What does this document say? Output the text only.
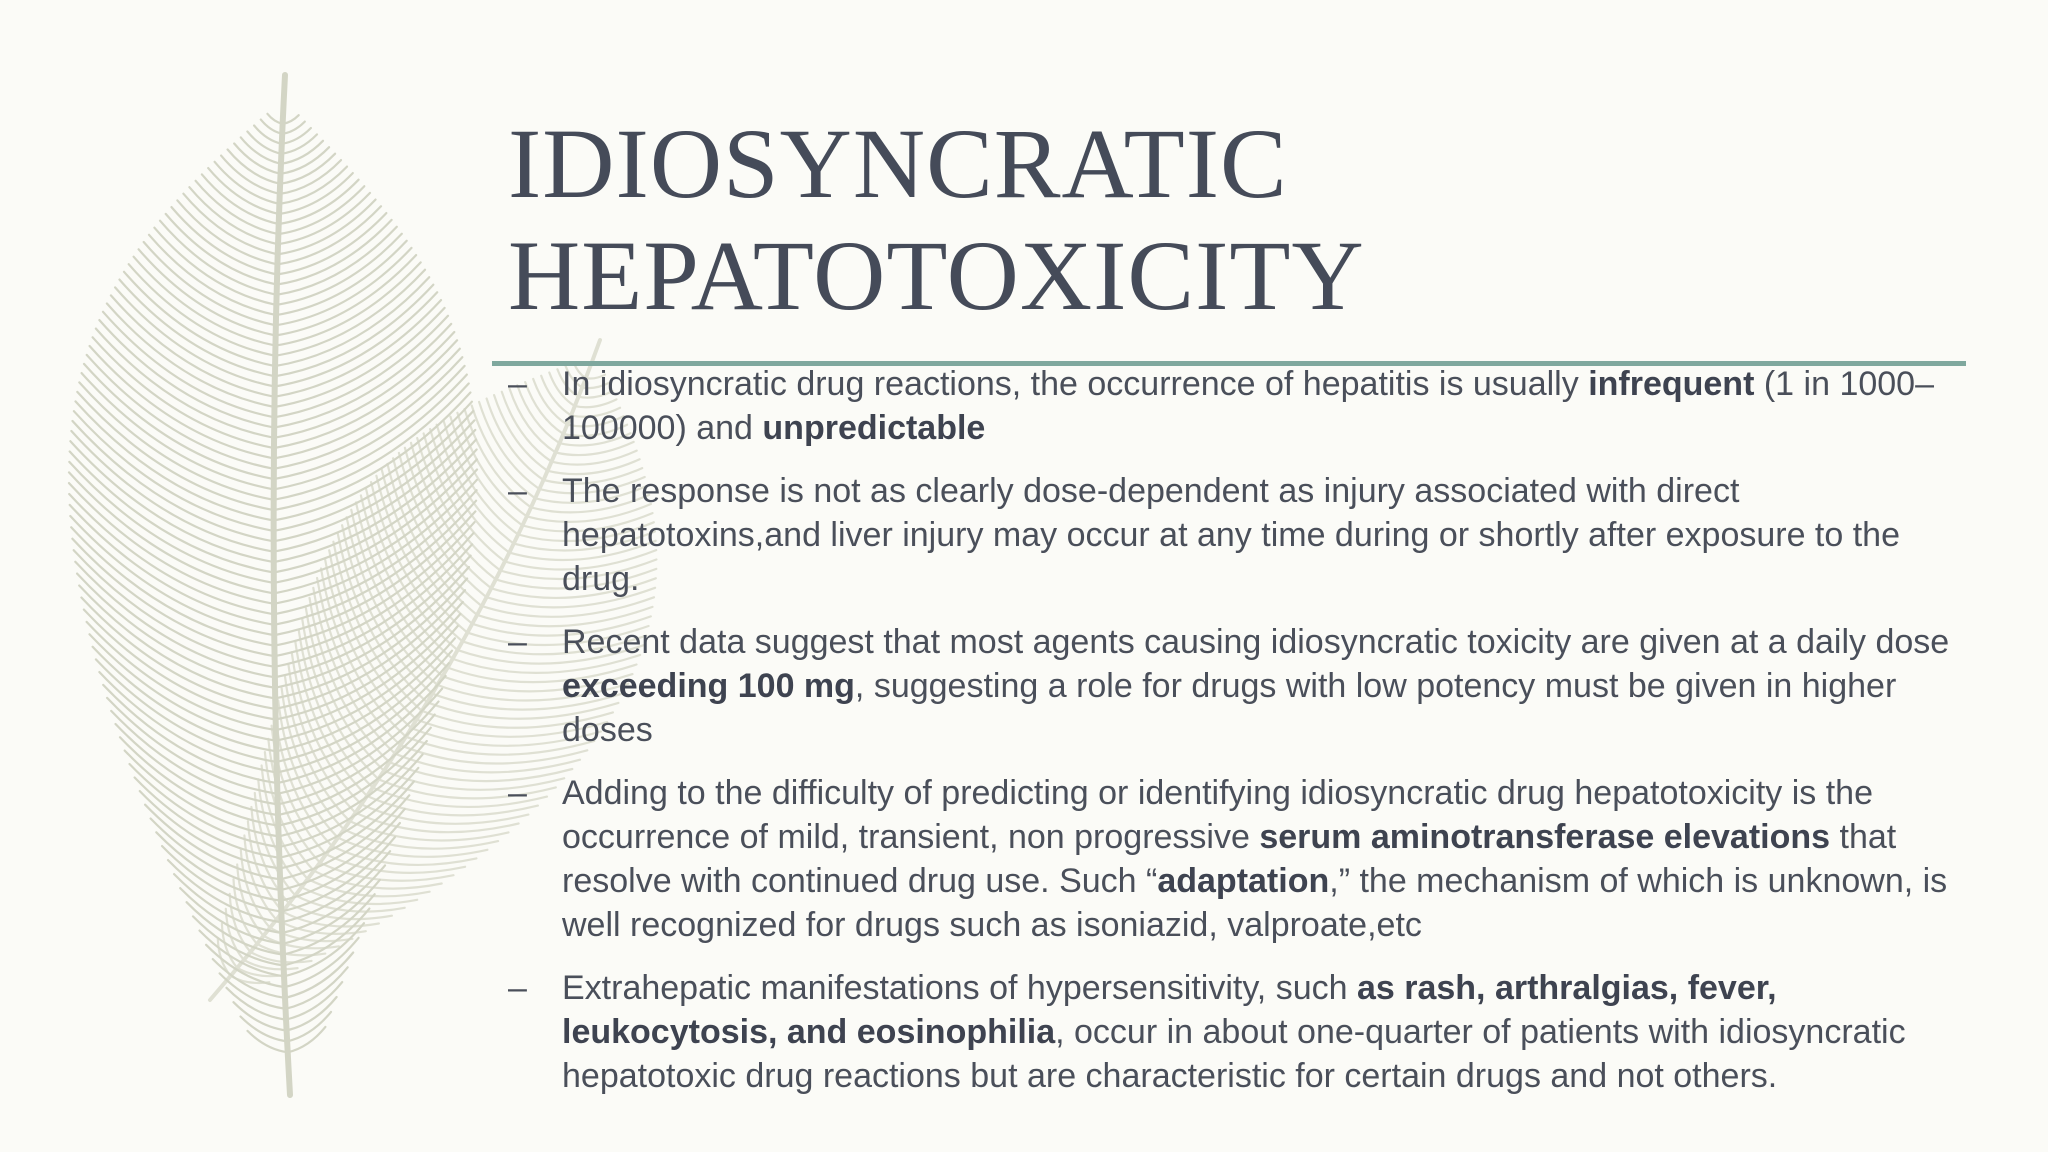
IDIOSYNCRATIC
HEPATOTOXICITY
–	In idiosyncratic drug reactions, the occurrence of hepatitis is usually infrequent (1 in 1000–100000) and unpredictable
–	The response is not as clearly dose-dependent as injury associated with direct hepatotoxins,and liver injury may occur at any time during or shortly after exposure to the drug.
–	Recent data suggest that most agents causing idiosyncratic toxicity are given at a daily dose exceeding 100 mg, suggesting a role for drugs with low potency must be given in higher doses
–	Adding to the difficulty of predicting or identifying idiosyncratic drug hepatotoxicity is the occurrence of mild, transient, non progressive serum aminotransferase elevations that resolve with continued drug use. Such “adaptation,” the mechanism of which is unknown, is well recognized for drugs such as isoniazid, valproate,etc
–	Extrahepatic manifestations of hypersensitivity, such as rash, arthralgias, fever, leukocytosis, and eosinophilia, occur in about one-quarter of patients with idiosyncratic hepatotoxic drug reactions but are characteristic for certain drugs and not others.
